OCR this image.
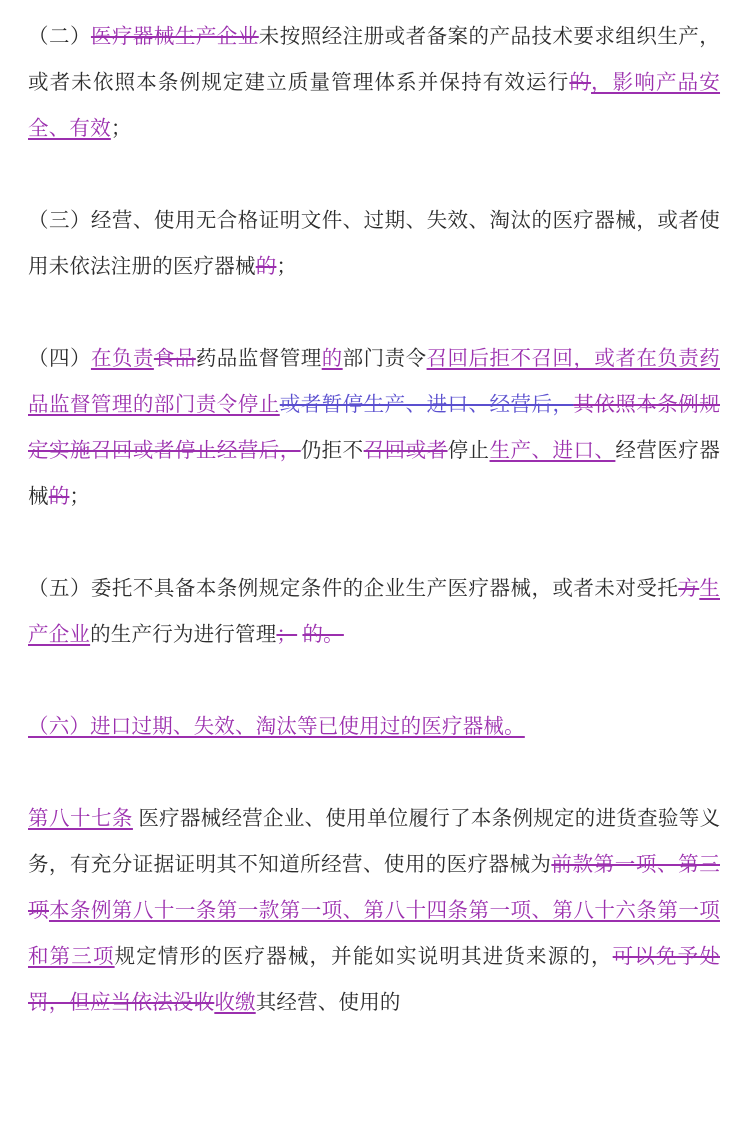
（二）医疗器械生产企业未按照经注册或者备案的产品技术要求组织生产，或者未依照本条例规定建立质量管理体系并保持有效运行的，影响产品安全、有效；

（三）经营、使用无合格证明文件、过期、失效、淘汰的医疗器械，或者使用未依法注册的医疗器械的；

（四）在负责食品药品监督管理的部门责令召回后拒不召回，或者在负责药品监督管理的部门责令停止或者暂停生产、进口、经营后，其依照本条例规定实施召回或者停止经营后，仍拒不召回或者停止生产、进口、经营医疗器械的；

（五）委托不具备本条例规定条件的企业生产医疗器械，或者未对受托方生产企业的生产行为进行管理； 的。

（六）进口过期、失效、淘汰等已使用过的医疗器械。

第八十七条 医疗器械经营企业、使用单位履行了本条例规定的进货查验等义务，有充分证据证明其不知道所经营、使用的医疗器械为前款第一项、第三项本条例第八十一条第一款第一项、第八十四条第一项、第八十六条第一项和第三项规定情形的医疗器械，并能如实说明其进货来源的，可以免予处罚，但应当依法没收收缴其经营、使用的
